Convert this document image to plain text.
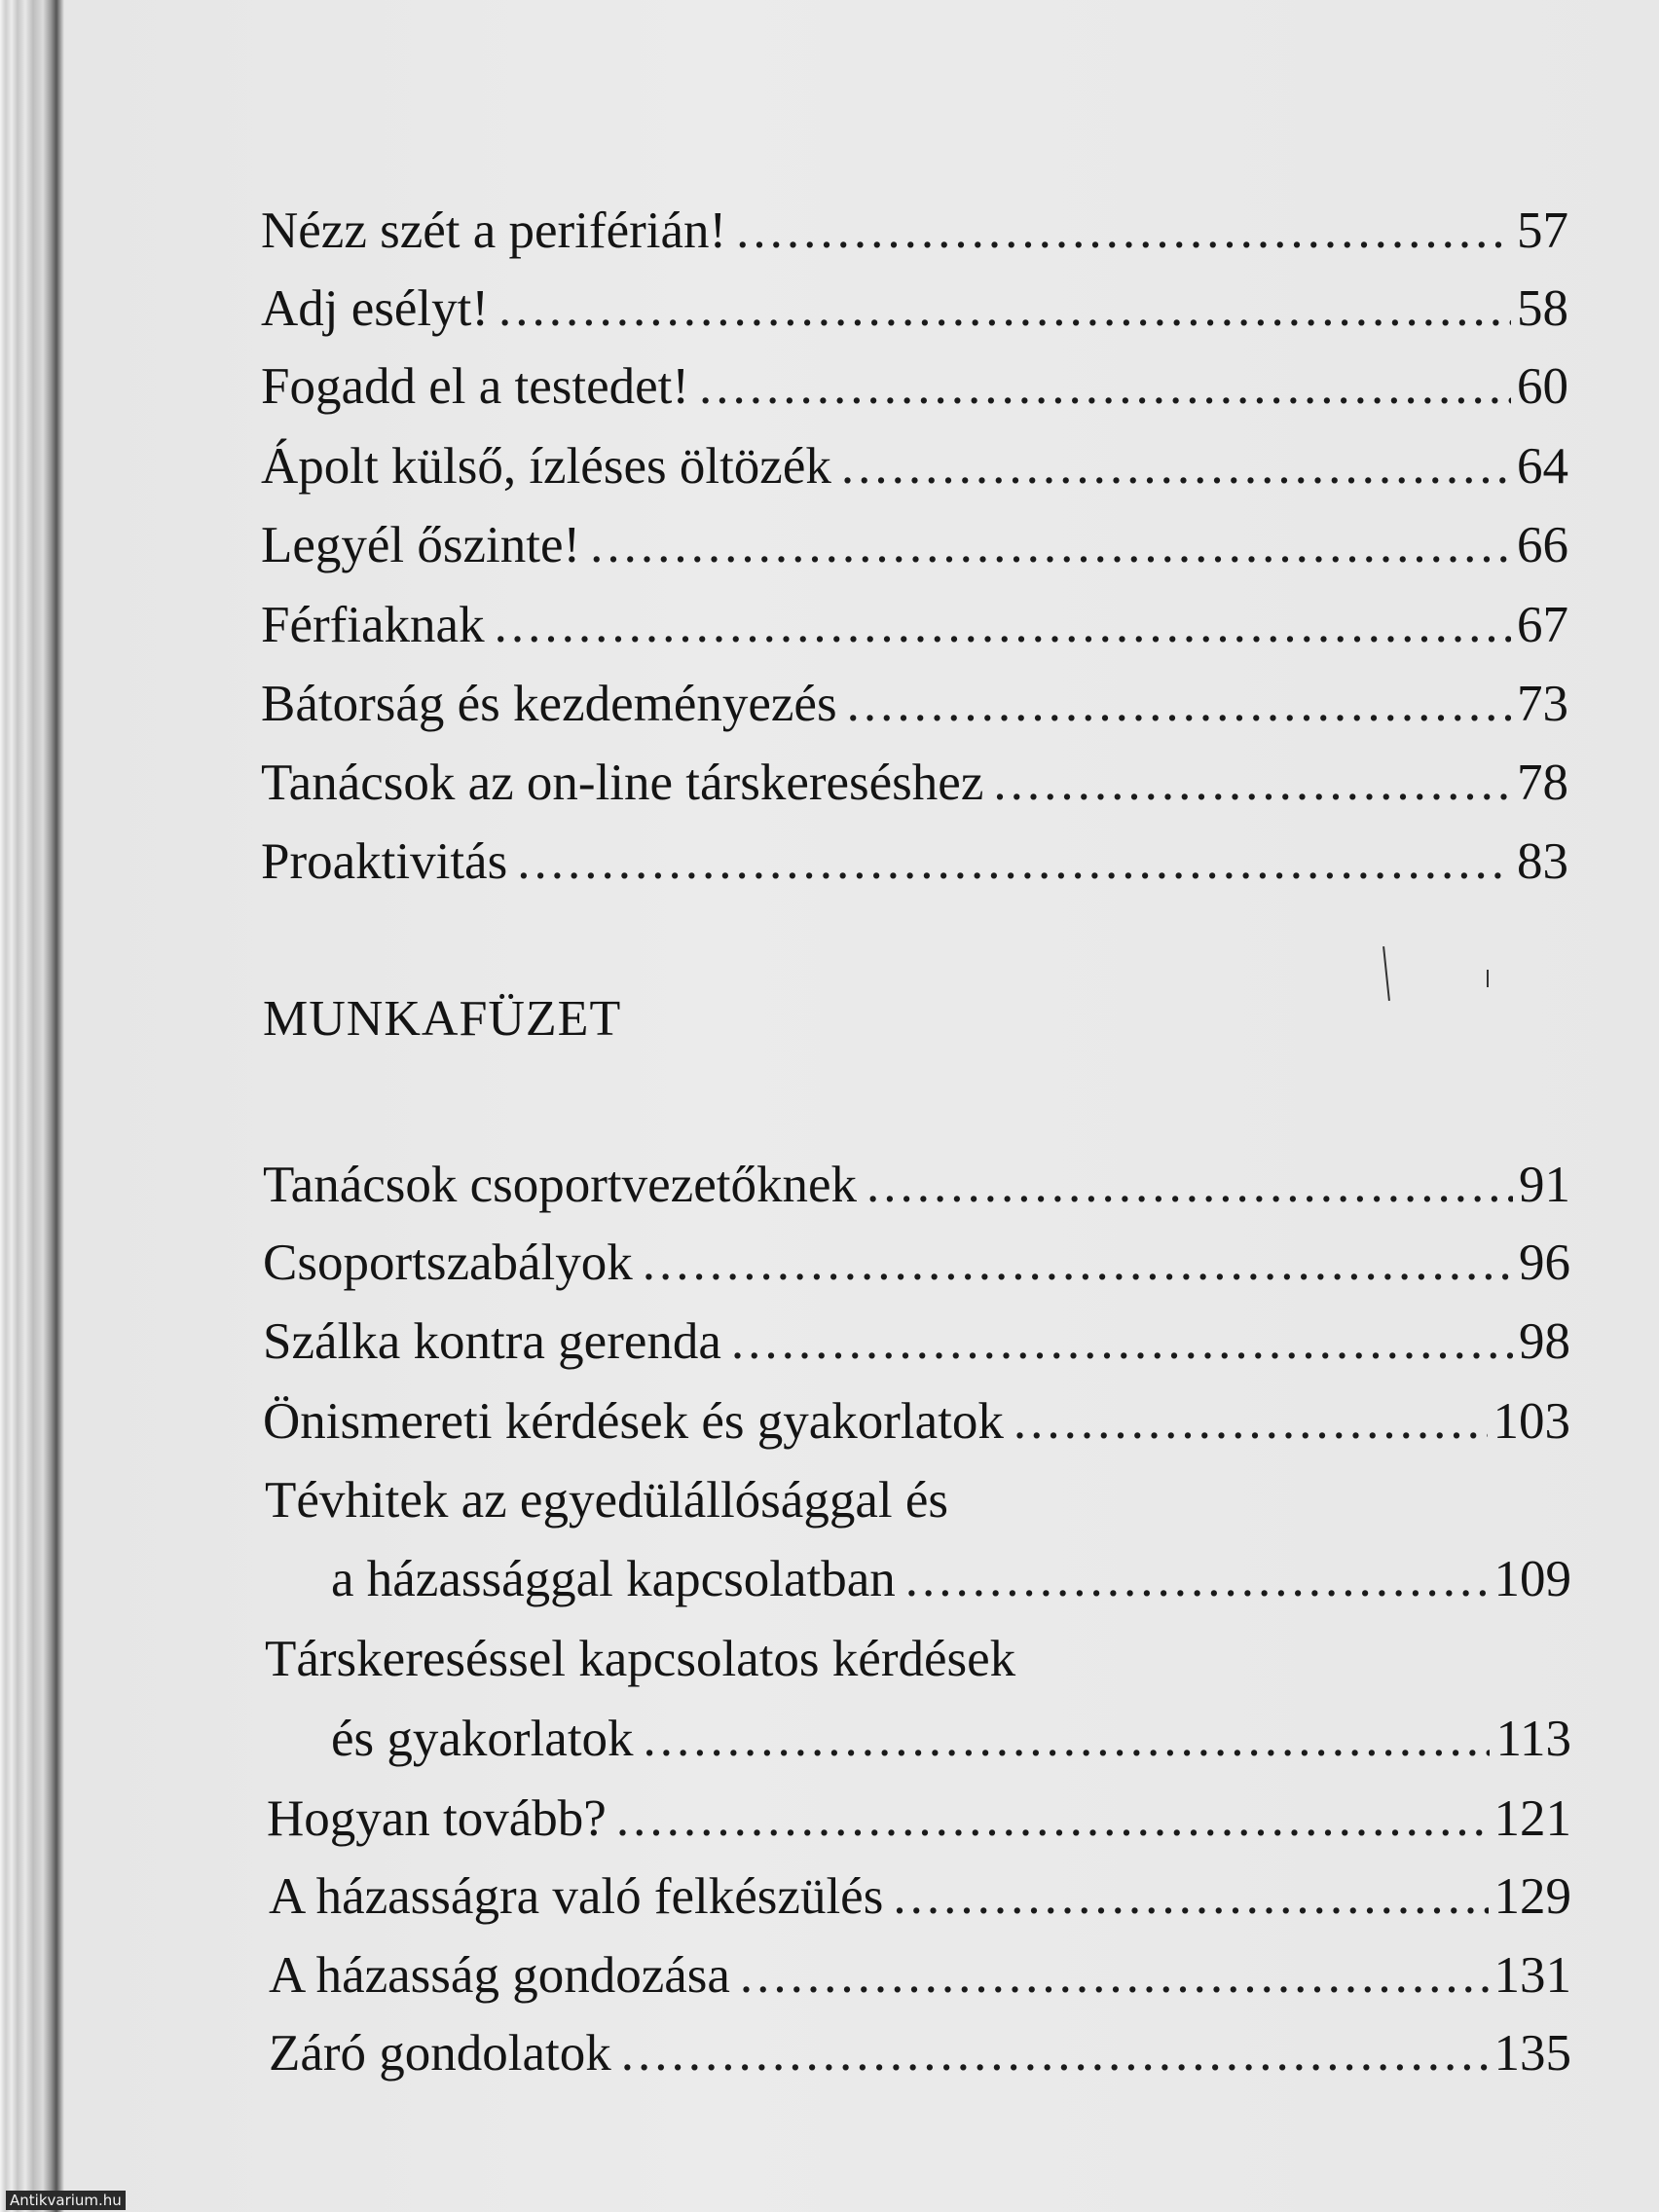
Nézz szét a periférián! .....	57
Adj esélyt! .....	58
Fogadd el a testedet! .....	60
Ápolt külső, ízléses öltözék .....	64
Legyél őszinte! .....	66
Férfiaknak .....	67
Bátorság és kezdeményezés .....	73
Tanácsok az on-line társkereséshez .....	78
Proaktivitás .....	83
MUNKAFÜZET
Tanácsok csoportvezetőknek .....	91
Csoportszabályok .....	96
Szálka kontra gerenda .....	98
Önismereti kérdések és gyakorlatok .....	103
Tévhitek az egyedülállósággal és
a házassággal kapcsolatban .....	109
Társkereséssel kapcsolatos kérdések
és gyakorlatok .....	113
Hogyan tovább? .....	121
A házasságra való felkészülés .....	129
A házasság gondozása .....	131
Záró gondolatok .....	135
Antikvarium.hu
